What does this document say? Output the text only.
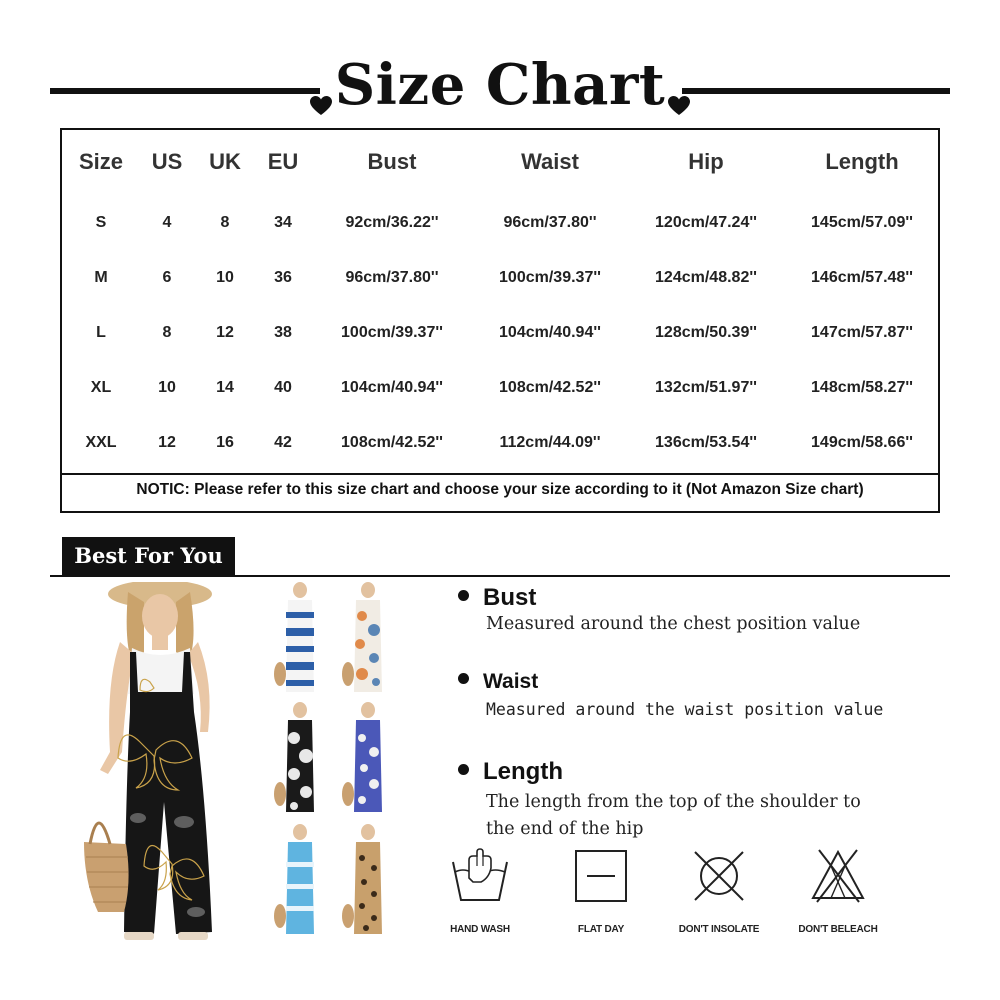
Size Chart
Size	US	UK	EU	Bust	Waist	Hip	Length
S	4	8	34	92cm/36.22''	96cm/37.80''	120cm/47.24''	145cm/57.09''
M	6	10	36	96cm/37.80''	100cm/39.37''	124cm/48.82''	146cm/57.48''
L	8	12	38	100cm/39.37''	104cm/40.94''	128cm/50.39''	147cm/57.87''
XL	10	14	40	104cm/40.94''	108cm/42.52''	132cm/51.97''	148cm/58.27''
XXL	12	16	42	108cm/42.52''	112cm/44.09''	136cm/53.54''	149cm/58.66''
NOTIC: Please refer to this size chart and choose your size according to it (Not Amazon Size chart)
Best For You
Bust
Measured around the chest position value
Waist
Measured around the waist position value
Length
The length from the top of the shoulder to
the end of the hip
HAND WASH	FLAT DAY	DON'T INSOLATE	DON'T BELEACH
